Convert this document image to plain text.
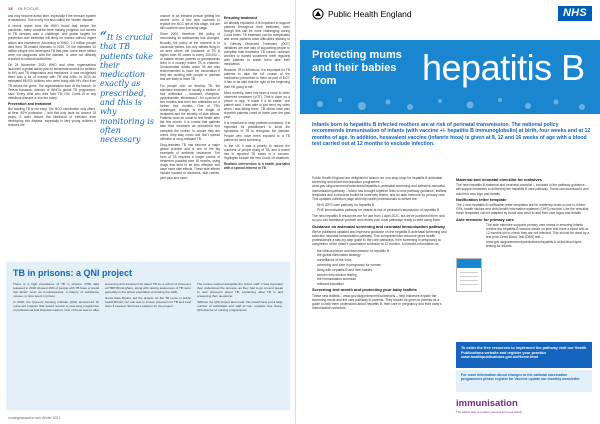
18 IN FOCUS

and may become active later, especially if the immune system is weakened. This is why it is also called the 'hidden disease'.

A recent report from the WHO found that before the pandemic, many countries were making progress, but access to TB services was a challenge, and global targets for prevention and treatment will likely be missed without urgent action and investment. According to WHO, 1.4 million people died from TB-related illnesses in 2019. Of the estimated 10 million people who developed TB that year, some three million were not diagnosed with the disease, or were not officially reported to national authorities.

On 24 November 2020, WHO and other organisations launched a global action plan to accelerate access for children to HIV and TB diagnostics and medicines. It was recognised there was a lot of overlap with TB and AIDs. In 2019 an estimated 85,000 children who were living with HIV died from TB across the globe. The organisations said: At the launch, Dr Tereza Kasaeva, director of WHO's global TB programme, said: 'Every child who dies from TB, HIV, Covid-19 or any infectious disease is one too many.'

Prevention and treatment

But tackling TB is not easy. The BCG vaccination only offers, at best, 80% protection – and this only lasts for around 15 years. It does reduce the likelihood of infection from developing into disease, especially in very young children it reduces the

“It is crucial that TB patients take their medication exactly as prescribed, and this is why monitoring is often necessary

chance of an infected person getting the severe form. A few new vaccines to replace the BCG are at trial stage, but are still nowhere near licensing stage.

Since 2000, therefore, the policy of immunising all adolescents has changed. Broadly, the policy at the moment is to vaccinate babies, but only babies living in an area where the incidence of TB is higher than 40 cases in every 100,000 – or babies whose parents or grandparents lived in a country where TB is endemic. Unvaccinated adults under 35 are also recommended to have the vaccination if they are working with people or animals that are likely to have TB.

For people who do develop TB, the standard treatment is usually a mixture of four antibiotics – isoniazid, rifampicin, pyrazinamide, ethambutol – for a period of two months and then two antibiotics for a further four months. One of TB's challenges, though, is the length of treatment and the severity of side effects. Patients must be made to feel better after the first month. It is crucial that patients take their treatment as prescribed and complete the course, to ensure they are cured, they stay cured and don't spread infection or drug-resistant TB.

Drug-resistant TB has become a major global problem and is one of the big examples of antibiotic resistance. The form of TB requires a longer course of treatment, possibly over 18 months, using drugs that tend to be less effective and have more side effects. These side effects include nausea or dizziness, skin rashes, joint pain and more.

Ensuring treatment

As already explained, it is important to support patients throughout their treatment, even though this can be more challenging during Covid times. TB treatment can be complicated and some patients have difficulties sticking to it. Directly Observed Treatment (DOT) initiatives are one way of supporting people to complete their treatment. TB nurses, outreach workers or trained volunteers meet regularly with patients to watch them take their medication.

Because TB is infectious, it is important for TB patients to take the full course of the medication prescribed to them as part of DOT. It has to be said that the right at the beginning their Hb going to fall.

More recently, there has been a move to video observed treatment (VOT). This is done on a phone or app. 'It made it a lot easier,' one patient said. 'I was able to just send my video when I was taking them'. TB clinics have also reported patients cured at home over the past year.

It is important to keep patients monitored. It is important for practitioners to know the symptoms of TB to recognise the disease. People who have been exposed to a TB patient do need screening.

In the UK it was a priority to reduce the numbers of people dying of TB, and a recent rise in reported TB cases is a concern. Highlights include the new Covid-19 situations.

Realistic intervention is a health journalist with a special interest in TB

TB in prisons: a QNI project

There is a high prevalence of TB in prisons. PHE data released in 2018 showed 15% of people with TB have a 'social risk factor' such as homelessness, a history of substance misuse, or time spent in prison.

In 2018, the Queen's Nursing Institute (QNI) announced 10 nurse-led projects that would receive a year-long programme of professional and financial support. One of these was to offer screening and treatment for latent TB for a cohort of prisoners at HMP Birmingham, along with raising awareness of TB more generally in the prison population (including the staff).

Nurse Kate Bryant, led the project. As the TB nurse in public health Bristol, her role was to screen prisoners for TB and treat them if needed. She had a passion for the project.

The nurses worked alongside the prison staff. It was important they understood the process, as they had to go on and speak to new prisoners about TB, explaining what TB is and answering their questions.

'Without the QNI project last result, this would have put a large number of individuals and staff at risk,' explains Sue Stone, QNI director of nursing programmes.

nursinginpractice.com Winter 2021
Public Health England	NHS
Protecting mums and their babies from	hepatitis B
Infants born to hepatitis B infected mothers are at risk of perinatal transmission. The national policy recommends immunisation of infants (with vaccine +/- hepatitis B immunoglobulin) at birth, four weeks and at 12 months of age. In addition, hexavalent vaccine (infanrix hexa) is given at 8, 12 and 16 weeks of age with a blood test carried out at 12 months to exclude infection.

Public Health England are delighted to launch our one-stop-shop for hepatitis B antenatal screening and infant immunisation programme – www.gov.uk/government/collections/hepatitis-b-antenatal-screening-and-selective-neonatal-immunisation-pathway – which has brought together links to new pathway guidance, leaflets, templates and a resource toolkit for maternity teams, and an aide memoire for primary care. This updated collection page will help health professionals to deliver the:

• NHS IDPS care pathway for hepatitis B
• PHE immunisation pathway for infants at risk of perinatal transmission of hepatitis B

The new hepatitis B resources are for use from 1 April 2021, but we've published them now so you can familiarise yourself and review your local pathways ready to start using them.

Guidance on antenatal screening and neonatal immunisation pathway

We've published updated and improved guidance on the hepatitis B antenatal screening and selective neonatal immunisation pathway. This comprehensive resource gives health professionals a step-by-step guide to the care pathways, from screening in pregnancy to completion of the infant's vaccination schedule at 12 months. It includes information on:

• the clinical picture and transmission of hepatitis B
• the global elimination strategy
• surveillance of the virus
• screening and care in pregnancy for women
• living with hepatitis B and their babies
• women who decline testing
• the immunisation schedule
• relevant education
Screening test month and protecting your baby leaflets

These new leaflets – www.gov.uk/government/collections – help midwives explain the screening result and the care pathway to parents. They should be given to parents as a guide to help them understand about hepatitis B, their care in pregnancy and their baby's immunisation schedule.

Maternal and neonatal checklist for midwives

The new hepatitis B maternal and neonatal checklist – included in the pathway guidance – will support midwives in delivering the hepatitis B care pathway. Trusts can download it and add their own logo and details.

Notification letter template

The 2 new hepatitis B notification letter templates are for maternity trusts to use to inform GPs, health visitors and child health information systems (CHIS) records. Like the checklist, these templates can be adapted by trusts who wish to add their own logos and details.

Aide memoire for primary care

The aide memoire supports primary care teams in ensuring infants receive the hepatitis B vaccine doses on time and have a blood test at 12 months old to check they are not infected. This should be done by a test prick Dried Blood Test (DBS) test – www.gov.uk/government/publications/hepatitis-b-dried-blood-spot-testing-for-infants

To order the free resources to implement the pathway visit our Health Publications website and register your practice www.healthpublications.gov.uk/Home.html
For more information about changes to the national vaccination programmes please register for Vaccine update our monthly newsletter
immunisation
The safest way to protect yourself and your family
